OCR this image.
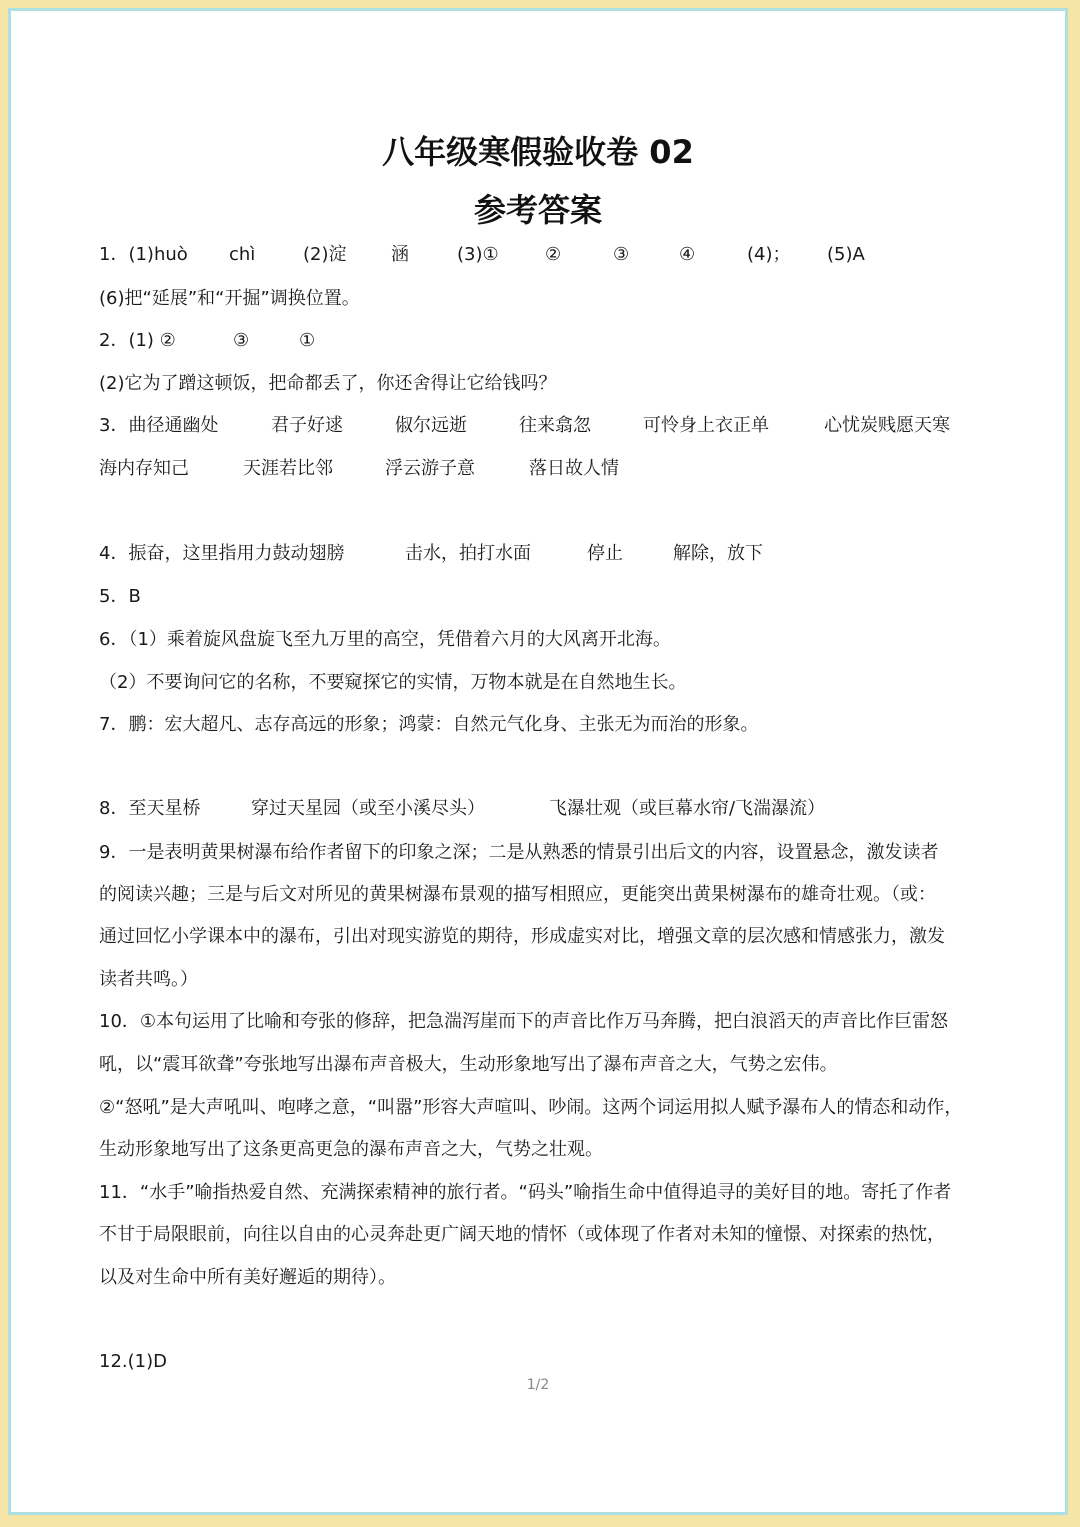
八年级寒假验收卷 02
参考答案
1．(1)huò chì	(2)淀 涵	(3)①	②	③	④	(4)； (5)A
(6)把“延展”和“开掘”调换位置。
2．(1) ②	③	①
(2)它为了蹭这顿饭，把命都丢了，你还舍得让它给钱吗？
3．曲径通幽处	君子好逑	俶尔远逝	往来翕忽	可怜身上衣正单	心忧炭贱愿天寒
海内存知己	天涯若比邻	浮云游子意	落日故人情
4．振奋，这里指用力鼓动翅膀	击水，拍打水面	停止	解除，放下
5．B
6．（1）乘着旋风盘旋飞至九万里的高空，凭借着六月的大风离开北海。
（2）不要询问它的名称，不要窥探它的实情，万物本就是在自然地生长。
7．鹏：宏大超凡、志存高远的形象；鸿蒙：自然元气化身、主张无为而治的形象。
8．至天星桥	穿过天星园（或至小溪尽头）	飞瀑壮观（或巨幕水帘/飞湍瀑流）
9．一是表明黄果树瀑布给作者留下的印象之深；二是从熟悉的情景引出后文的内容，设置悬念，激发读者
的阅读兴趣；三是与后文对所见的黄果树瀑布景观的描写相照应，更能突出黄果树瀑布的雄奇壮观。（或：
通过回忆小学课本中的瀑布，引出对现实游览的期待，形成虚实对比，增强文章的层次感和情感张力，激发
读者共鸣。）
10．①本句运用了比喻和夸张的修辞，把急湍泻崖而下的声音比作万马奔腾，把白浪滔天的声音比作巨雷怒
吼，以“震耳欲聋”夸张地写出瀑布声音极大，生动形象地写出了瀑布声音之大，气势之宏伟。
②“怒吼”是大声吼叫、咆哮之意，“叫嚣”形容大声喧叫、吵闹。这两个词运用拟人赋予瀑布人的情态和动作，
生动形象地写出了这条更高更急的瀑布声音之大，气势之壮观。
11．“水手”喻指热爱自然、充满探索精神的旅行者。“码头”喻指生命中值得追寻的美好目的地。寄托了作者
不甘于局限眼前，向往以自由的心灵奔赴更广阔天地的情怀（或体现了作者对未知的憧憬、对探索的热忱，
以及对生命中所有美好邂逅的期待）。
12.(1)D
1/2
